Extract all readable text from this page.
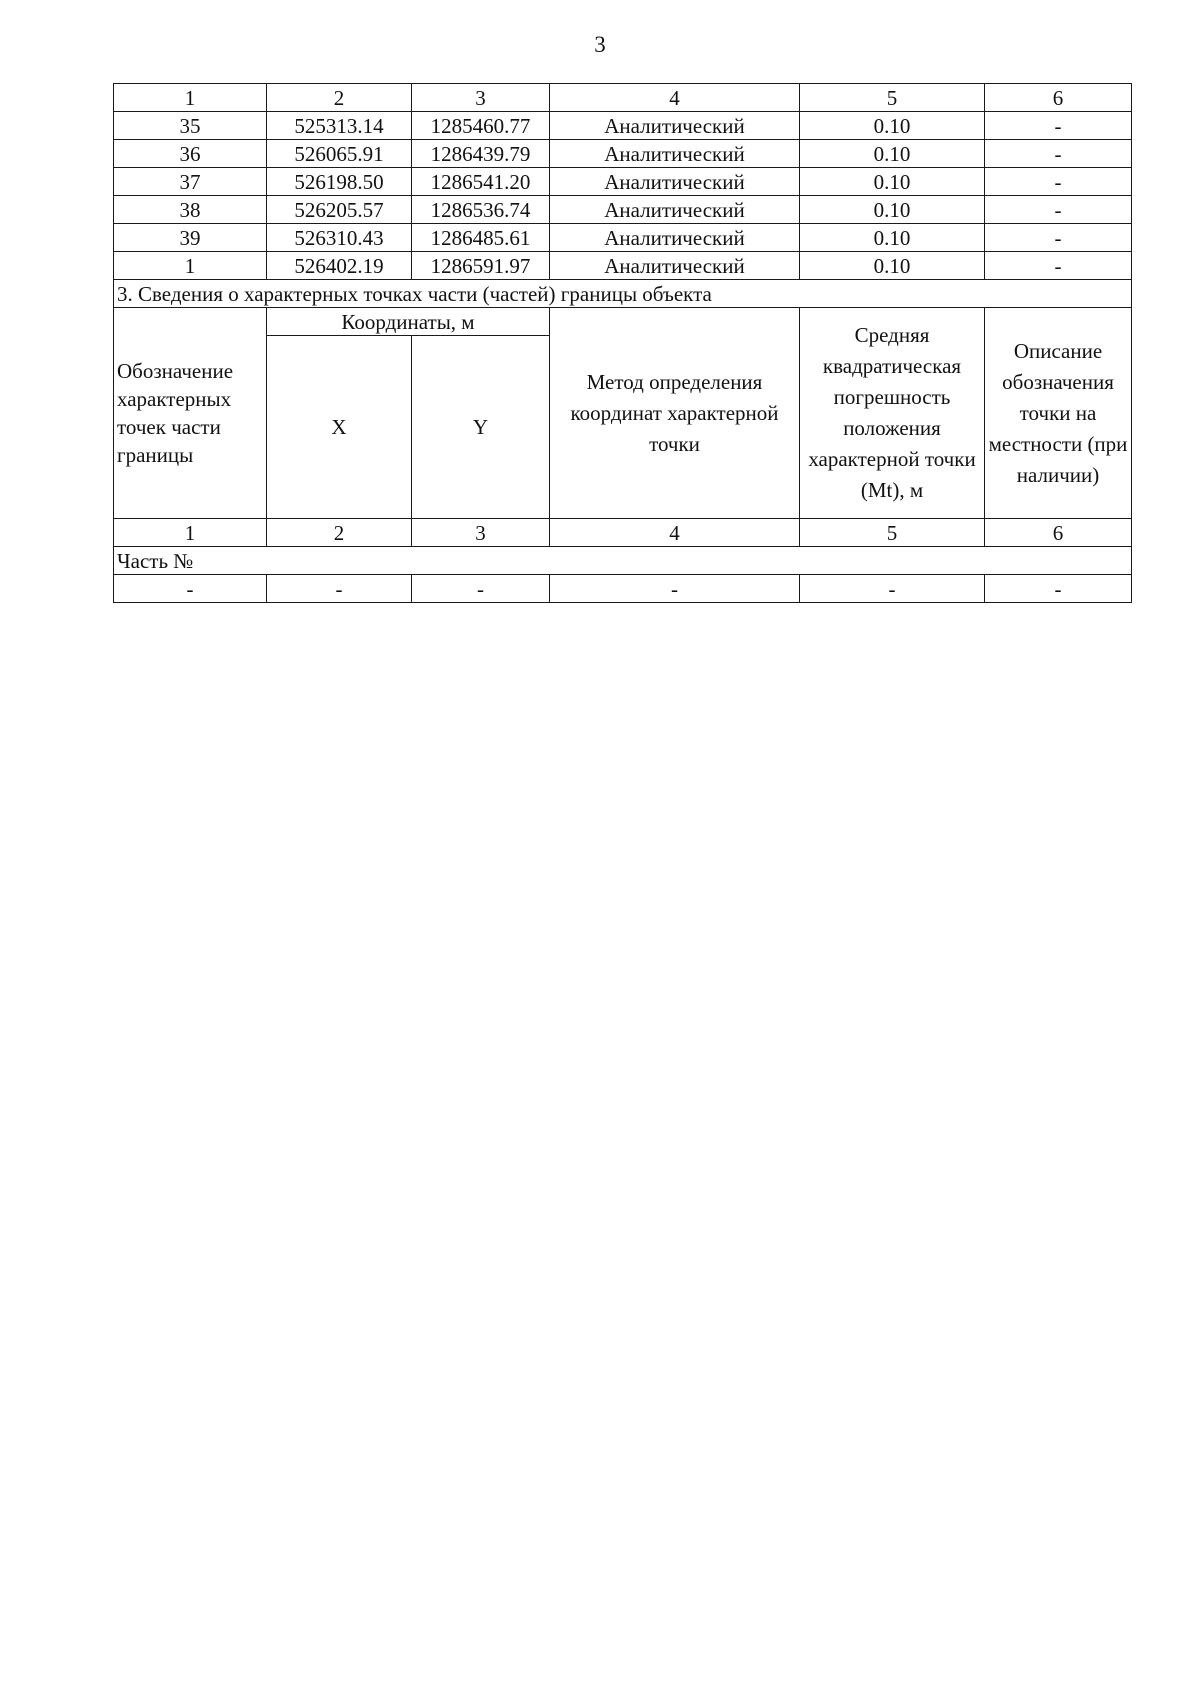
3
1	2	3	4	5	6
35	525313.14	1285460.77	Аналитический	0.10	-
36	526065.91	1286439.79	Аналитический	0.10	-
37	526198.50	1286541.20	Аналитический	0.10	-
38	526205.57	1286536.74	Аналитический	0.10	-
39	526310.43	1286485.61	Аналитический	0.10	-
1	526402.19	1286591.97	Аналитический	0.10	-
3. Сведения о характерных точках части (частей) границы объекта					
Обозначение характерных точек части границы	Координаты, м		Метод определения координат характерной точки	Средняя квадратическая погрешность положения характерной точки (Mt), м	Описание обозначения точки на местности (при наличии)
	X	Y			
1	2	3	4	5	6
Часть №					
-	-	-	-	-	-
